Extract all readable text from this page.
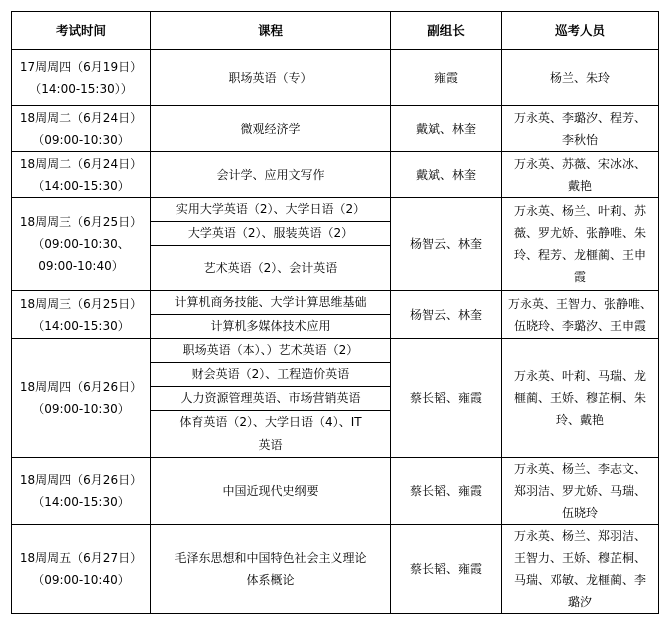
考试时间	课程	副组长	巡考人员
17周周四（6月19日）
（14:00-15:30））	职场英语（专）	雍霞	杨兰、朱玲
18周周二（6月24日）
（09:00-10:30）	微观经济学	戴斌、林奎	万永英、李璐汐、程芳、
李秋怡
18周周二（6月24日）
（14:00-15:30）	会计学、应用文写作	戴斌、林奎	万永英、苏薇、宋冰冰、
戴艳
18周周三（6月25日）
（09:00-10:30、
09:00-10:40）	实用大学英语（2）、大学日语（2）	杨智云、林奎	万永英、杨兰、叶莉、苏
薇、罗尤娇、张静唯、朱
玲、程芳、龙榧蔺、王申
霞
	大学英语（2）、服装英语（2）		
	艺术英语（2）、会计英语		
18周周三（6月25日）
（14:00-15:30）	计算机商务技能、大学计算思维基础	杨智云、林奎	万永英、王智力、张静唯、
伍晓玲、李璐汐、王申霞
	计算机多媒体技术应用		
18周周四（6月26日）
（09:00-10:30）	职场英语（本）、）艺术英语（2）	蔡长韬、雍霞	万永英、叶莉、马瑞、龙
榧蔺、王娇、穆芷桐、朱
玲、戴艳
	财会英语（2）、工程造价英语		
	人力资源管理英语、市场营销英语		
	体育英语（2）、大学日语（4）、IT
英语		
18周周四（6月26日）
（14:00-15:30）	中国近现代史纲要	蔡长韬、雍霞	万永英、杨兰、李志文、
郑羽洁、罗尤娇、马瑞、
伍晓玲
18周周五（6月27日）
（09:00-10:40）	毛泽东思想和中国特色社会主义理论
体系概论	蔡长韬、雍霞	万永英、杨兰、郑羽洁、
王智力、王娇、穆芷桐、
马瑞、邓敏、龙榧蔺、李
璐汐
